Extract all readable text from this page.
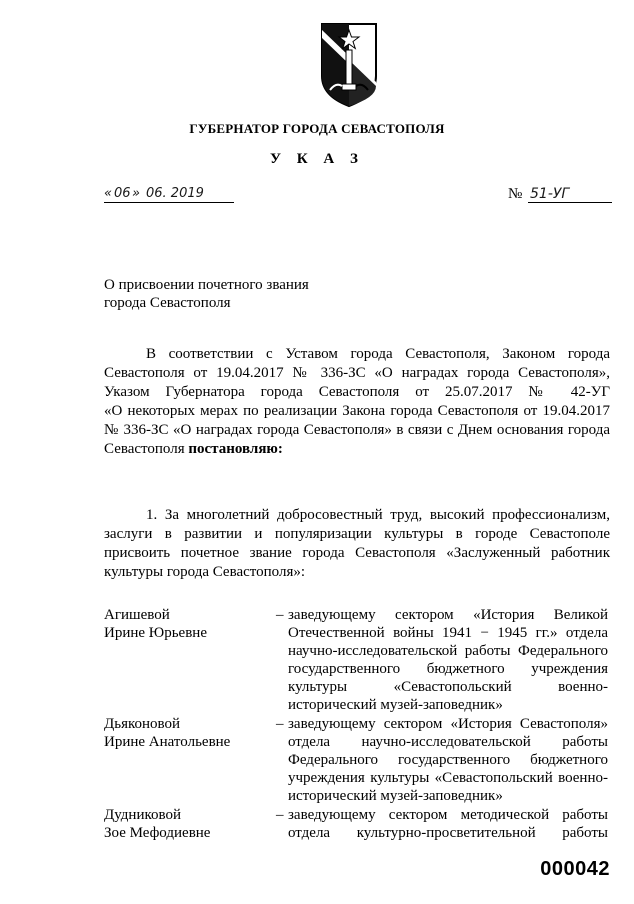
ГУБЕРНАТОР ГОРОДА СЕВАСТОПОЛЯ
У К А З
« 06 » 06. 2019	№ 51-УГ
О присвоении почетного звания
города Севастополя
В соответствии с Уставом города Севастополя, Законом города
Севастополя от 19.04.2017 № 336-ЗС «О наградах города Севастополя»,
Указом Губернатора города Севастополя от 25.07.2017 № 42-УГ
«О некоторых мерах по реализации Закона города Севастополя от 19.04.2017
№ 336-ЗС «О наградах города Севастополя» в связи с Днем основания города
Севастополя постановляю:
1. За многолетний добросовестный труд, высокий профессионализм,
заслуги в развитии и популяризации культуры в городе Севастополе
присвоить почетное звание города Севастополя «Заслуженный работник
культуры города Севастополя»:
Агишевой
Ирине Юрьевне
– заведующему сектором «История Великой
Отечественной войны 1941 − 1945 гг.» отдела
научно-исследовательской работы Федерального
государственного бюджетного учреждения
культуры «Севастопольский военно-
исторический музей-заповедник»
Дьяконовой
Ирине Анатольевне
– заведующему сектором «История Севастополя»
отдела научно-исследовательской работы
Федерального государственного бюджетного
учреждения культуры «Севастопольский военно-
исторический музей-заповедник»
Дудниковой
Зое Мефодиевне
– заведующему сектором методической работы
отдела культурно-просветительной работы
000042
